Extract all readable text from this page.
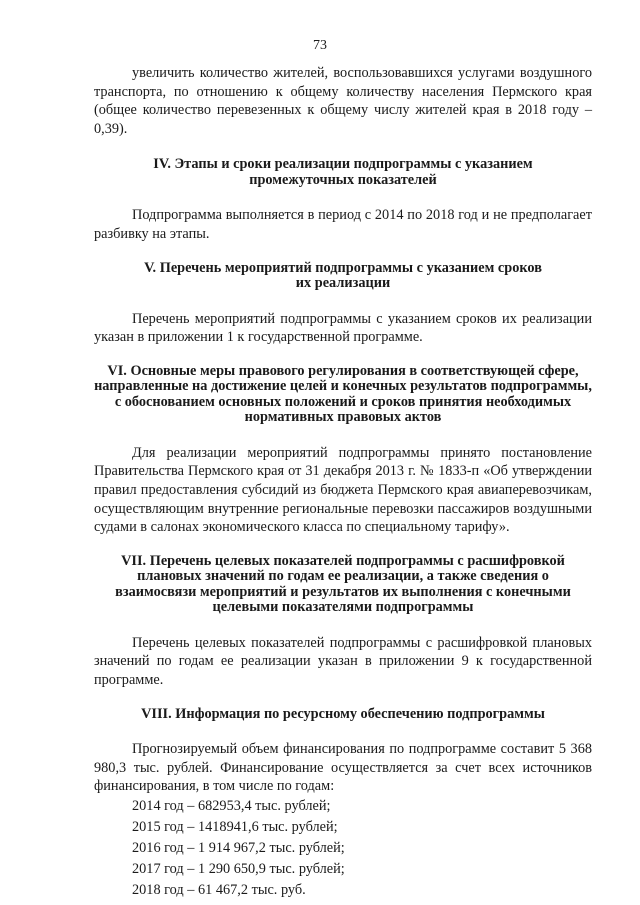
73

увеличить количество жителей, воспользовавшихся услугами воздушного транспорта, по отношению к общему количеству населения Пермского края (общее количество перевезенных к общему числу жителей края в 2018 году – 0,39).

IV. Этапы и сроки реализации подпрограммы с указанием промежуточных показателей

Подпрограмма выполняется в период с 2014 по 2018 год и не предполагает разбивку на этапы.

V. Перечень мероприятий подпрограммы с указанием сроков их реализации

Перечень мероприятий подпрограммы с указанием сроков их реализации указан в приложении 1 к государственной программе.

VI. Основные меры правового регулирования в соответствующей сфере, направленные на достижение целей и конечных результатов подпрограммы, с обоснованием основных положений и сроков принятия необходимых нормативных правовых актов

Для реализации мероприятий подпрограммы принято постановление Правительства Пермского края от 31 декабря 2013 г. № 1833-п «Об утверждении правил предоставления субсидий из бюджета Пермского края авиаперевозчикам, осуществляющим внутренние региональные перевозки пассажиров воздушными судами в салонах экономического класса по специальному тарифу».

VII. Перечень целевых показателей подпрограммы с расшифровкой плановых значений по годам ее реализации, а также сведения о взаимосвязи мероприятий и результатов их выполнения с конечными целевыми показателями подпрограммы

Перечень целевых показателей подпрограммы с расшифровкой плановых значений по годам ее реализации указан в приложении 9 к государственной программе.

VIII. Информация по ресурсному обеспечению подпрограммы

Прогнозируемый объем финансирования по подпрограмме составит 5 368 980,3 тыс. рублей. Финансирование осуществляется за счет всех источников финансирования, в том числе по годам:

2014 год – 682953,4 тыс. рублей;
2015 год – 1418941,6 тыс. рублей;
2016 год – 1 914 967,2 тыс. рублей;
2017 год – 1 290 650,9 тыс. рублей;
2018 год – 61 467,2 тыс. руб.
